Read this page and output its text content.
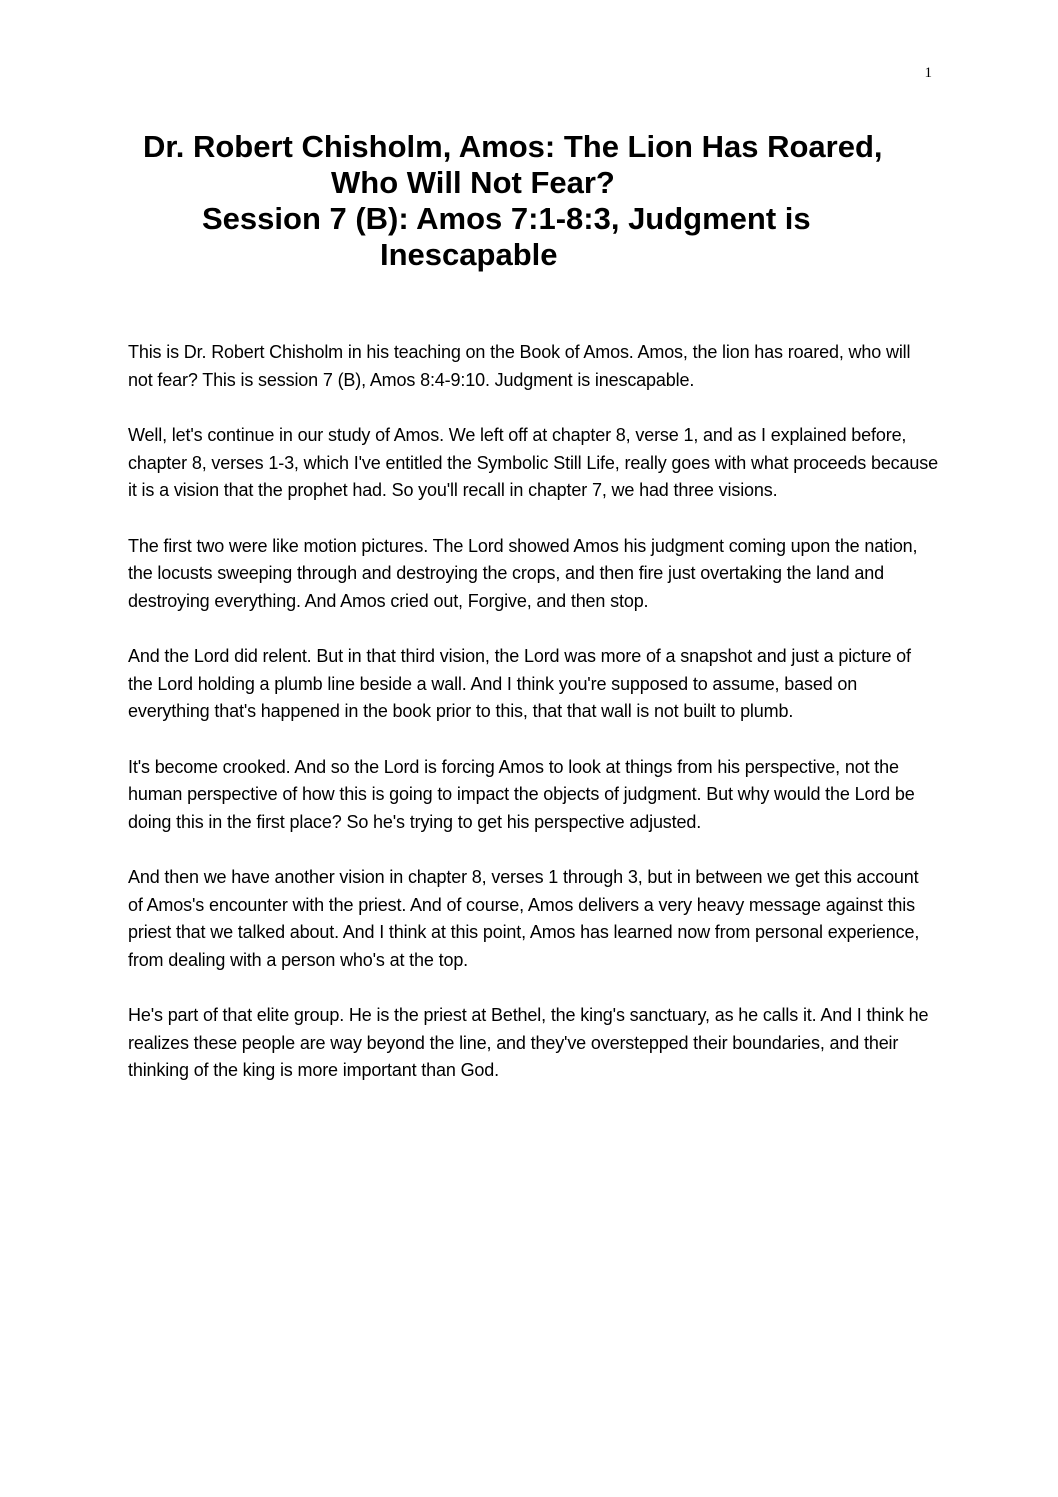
1
Dr. Robert Chisholm, Amos: The Lion Has Roared,
Who Will Not Fear?
Session 7 (B): Amos 7:1-8:3, Judgment is
Inescapable

This is Dr. Robert Chisholm in his teaching on the Book of Amos. Amos, the lion has roared, who will not fear? This is session 7 (B), Amos 8:4-9:10. Judgment is inescapable.

Well, let's continue in our study of Amos. We left off at chapter 8, verse 1, and as I explained before, chapter 8, verses 1-3, which I've entitled the Symbolic Still Life, really goes with what proceeds because it is a vision that the prophet had. So you'll recall in chapter 7, we had three visions.

The first two were like motion pictures. The Lord showed Amos his judgment coming upon the nation, the locusts sweeping through and destroying the crops, and then fire just overtaking the land and destroying everything. And Amos cried out, Forgive, and then stop.

And the Lord did relent. But in that third vision, the Lord was more of a snapshot and just a picture of the Lord holding a plumb line beside a wall. And I think you're supposed to assume, based on everything that's happened in the book prior to this, that that wall is not built to plumb.

It's become crooked. And so the Lord is forcing Amos to look at things from his perspective, not the human perspective of how this is going to impact the objects of judgment. But why would the Lord be doing this in the first place? So he's trying to get his perspective adjusted.

And then we have another vision in chapter 8, verses 1 through 3, but in between we get this account of Amos's encounter with the priest. And of course, Amos delivers a very heavy message against this priest that we talked about. And I think at this point, Amos has learned now from personal experience, from dealing with a person who's at the top.

He's part of that elite group. He is the priest at Bethel, the king's sanctuary, as he calls it. And I think he realizes these people are way beyond the line, and they've overstepped their boundaries, and their thinking of the king is more important than God.
